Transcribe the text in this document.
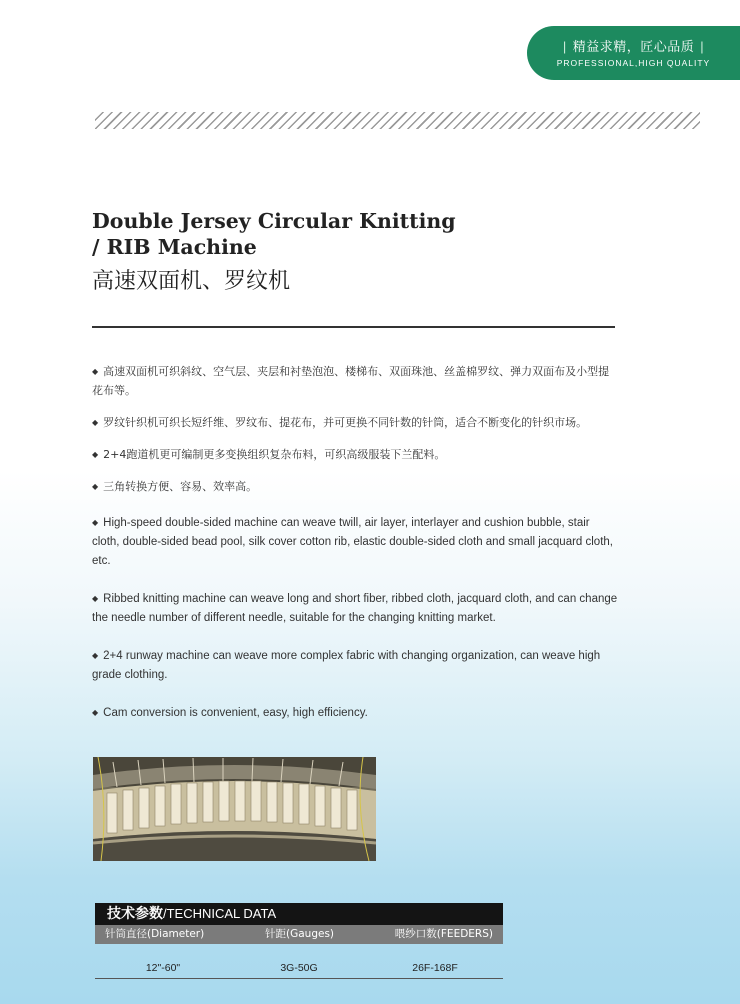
| 精益求精，匠心品质 |
PROFESSIONAL,HIGH QUALITY
Double Jersey Circular Knitting
/ RIB Machine
高速双面机、罗纹机

◆ 高速双面机可织斜纹、空气层、夹层和衬垫泡泡、楼梯布、双面珠池、丝盖棉罗纹、弹力双面布及小型提花布等。

◆ 罗纹针织机可织长短纤维、罗纹布、提花布，并可更换不同针数的针筒，适合不断变化的针织市场。

◆ 2+4跑道机更可编制更多变换组织复杂布料，可织高级服装下兰配料。

◆ 三角转换方便、容易、效率高。

◆ High-speed double-sided machine can weave twill, air layer, interlayer and cushion bubble, stair cloth, double-sided bead pool, silk cover cotton rib, elastic double-sided cloth and small jacquard cloth, etc.

◆ Ribbed knitting machine can weave long and short fiber, ribbed cloth, jacquard cloth, and can change the needle number of different needle, suitable for the changing knitting market.

◆ 2+4 runway machine can weave more complex fabric with changing organization, can weave high grade clothing.

◆ Cam conversion is convenient, easy, high efficiency.

技术参数/TECHNICAL DATA
针筒直径(Diameter)	针距(Gauges)	喂纱口数(FEEDERS)
12"-60"	3G-50G	26F-168F
